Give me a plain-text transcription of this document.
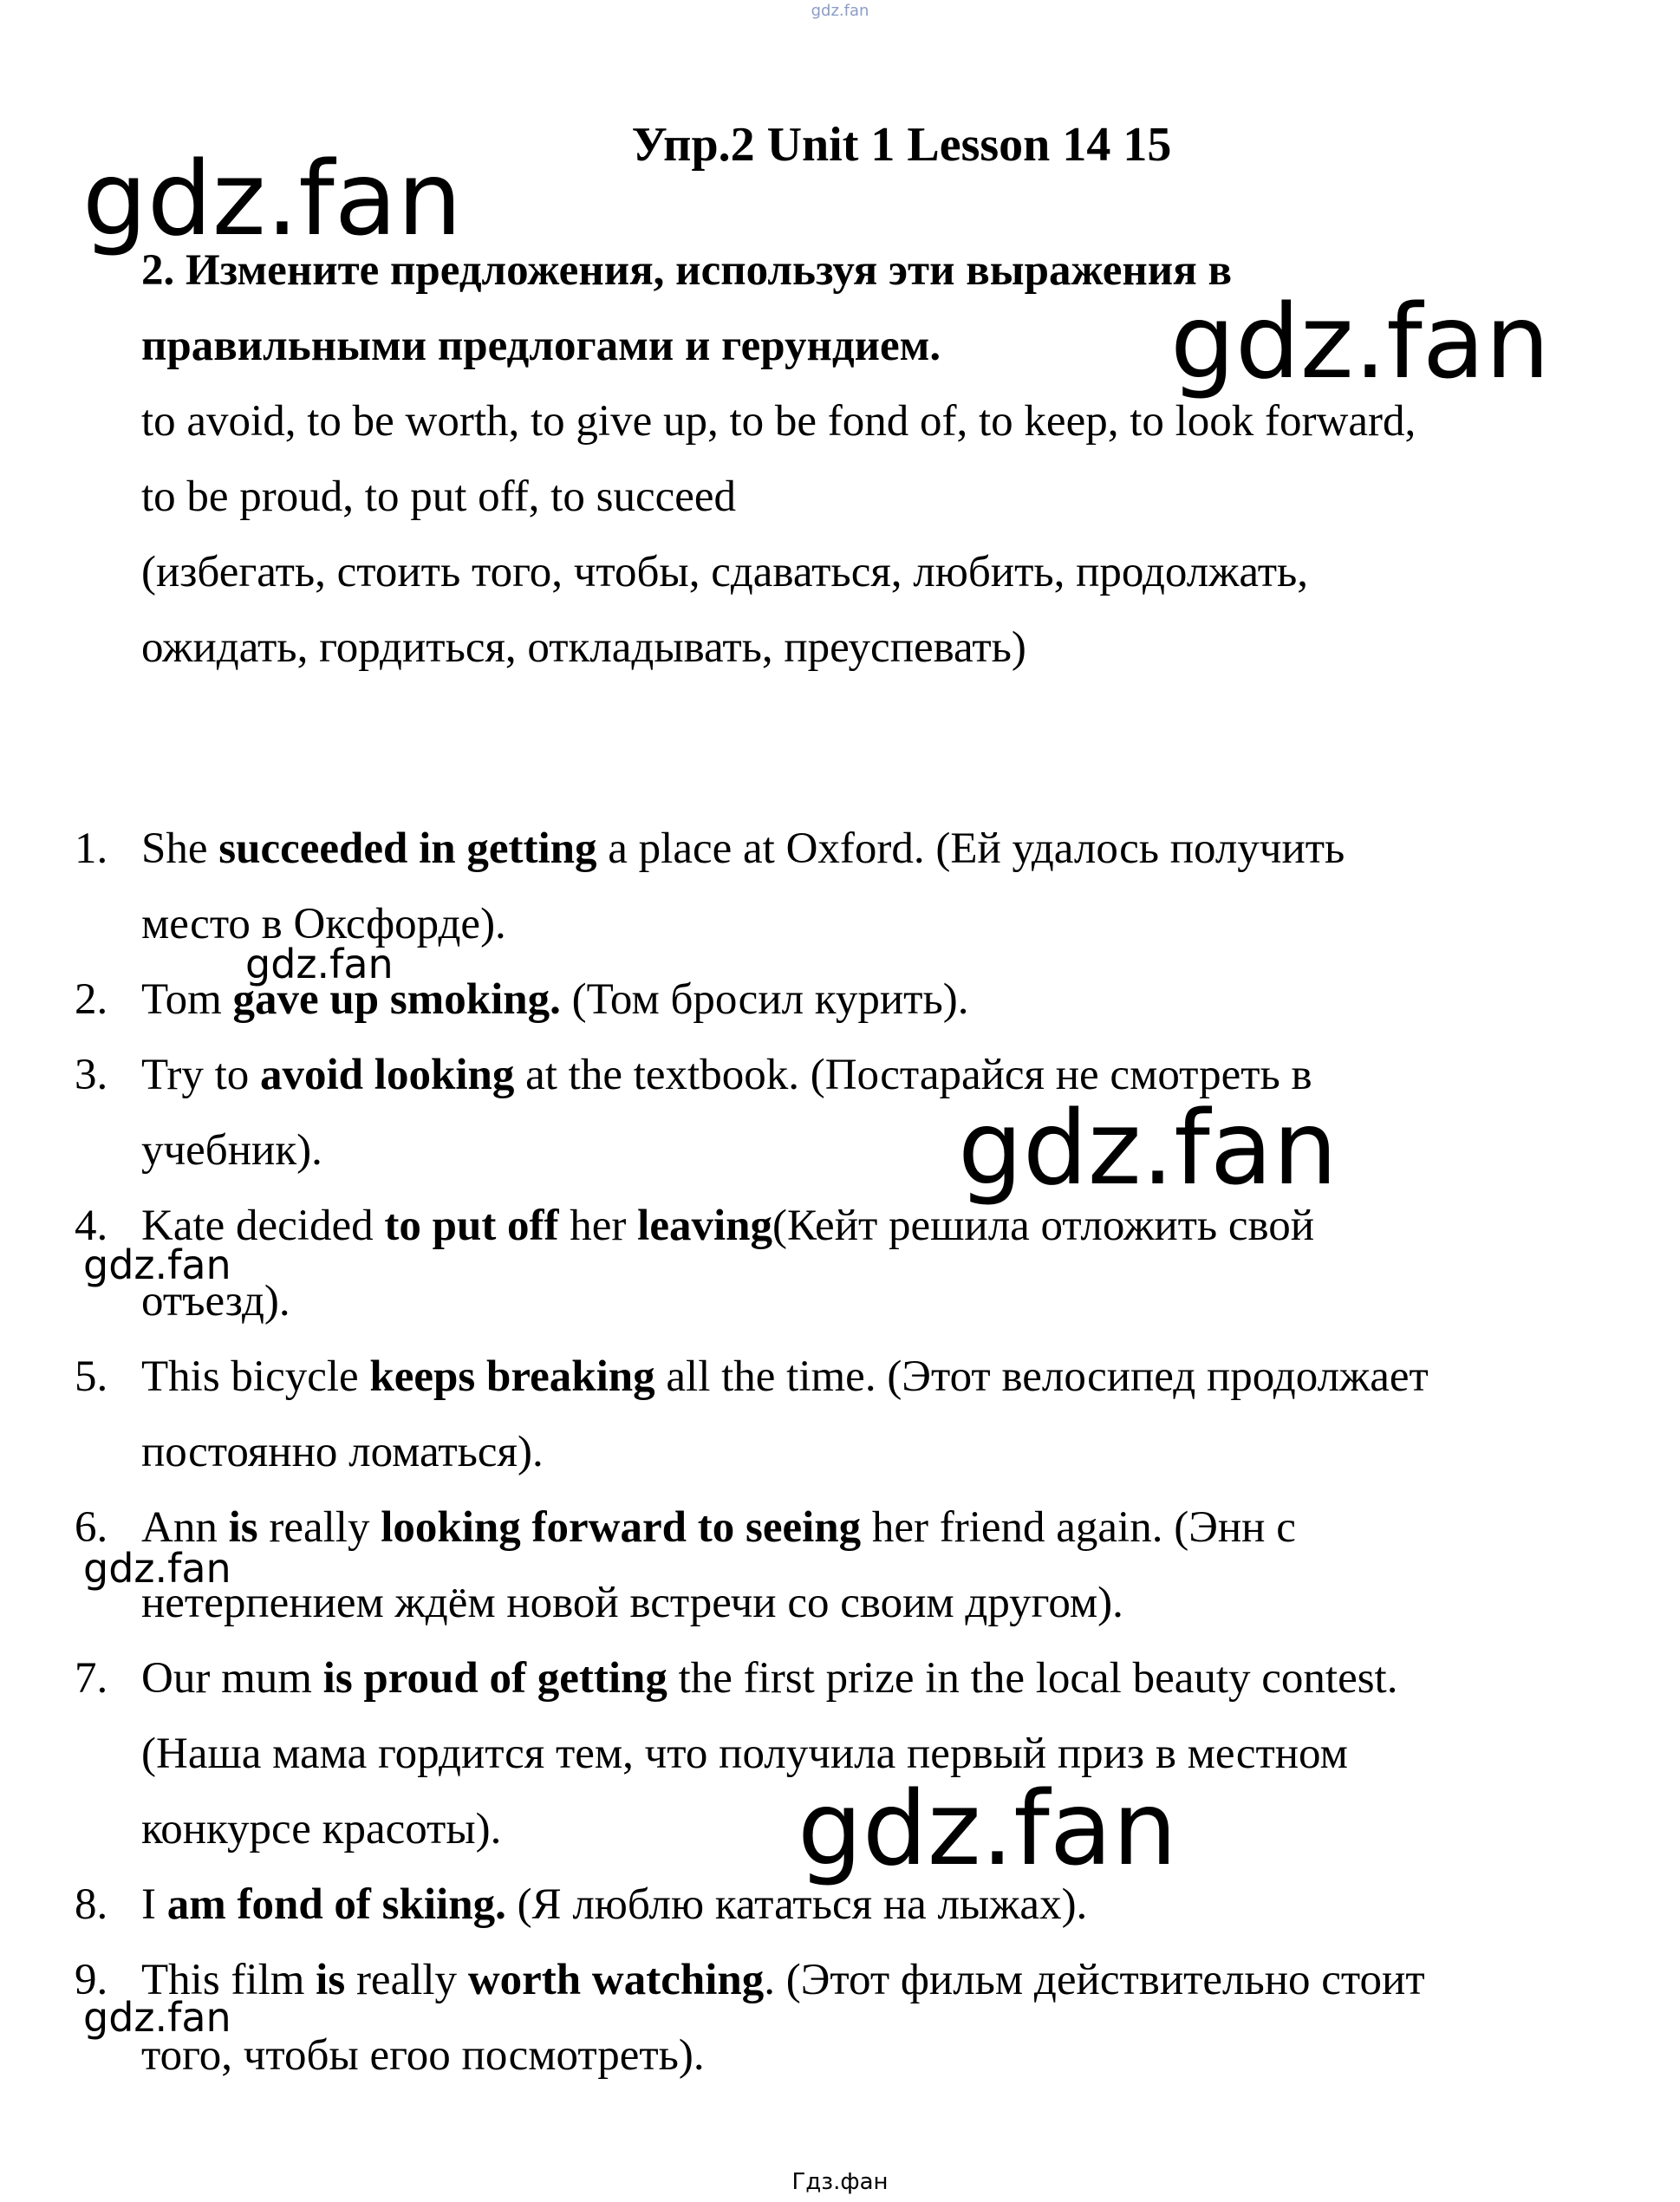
gdz.fan
Упр.2 Unit 1 Lesson 14 15
2. Измените предложения, используя эти выражения в
правильными предлогами и герундием.
to avoid, to be worth, to give up, to be fond of, to keep, to look forward,
to be proud, to put off, to succeed
(избегать, стоить того, чтобы, сдаваться, любить, продолжать,
ожидать, гордиться, откладывать, преуспевать)
1. She succeeded in getting a place at Oxford. (Ей удалось получить
место в Оксфорде).
2. Tom gave up smoking. (Том бросил курить).
3. Try to avoid looking at the textbook. (Постарайся не смотреть в
учебник).
4. Kate decided to put off her leaving(Кейт решила отложить свой
отъезд).
5. This bicycle keeps breaking all the time. (Этот велосипед продолжает
постоянно ломаться).
6. Ann is really looking forward to seeing her friend again. (Энн с
нетерпением ждём новой встречи со своим другом).
7. Our mum is proud of getting the first prize in the local beauty contest.
(Наша мама гордится тем, что получила первый приз в местном
конкурсе красоты).
8. I am fond of skiing. (Я люблю кататься на лыжах).
9. This film is really worth watching. (Этот фильм действительно стоит
того, чтобы егоо посмотреть).
gdz.fan
gdz.fan
gdz.fan
gdz.fan
gdz.fan
gdz.fan
gdz.fan
gdz.fan
Гдз.фан
